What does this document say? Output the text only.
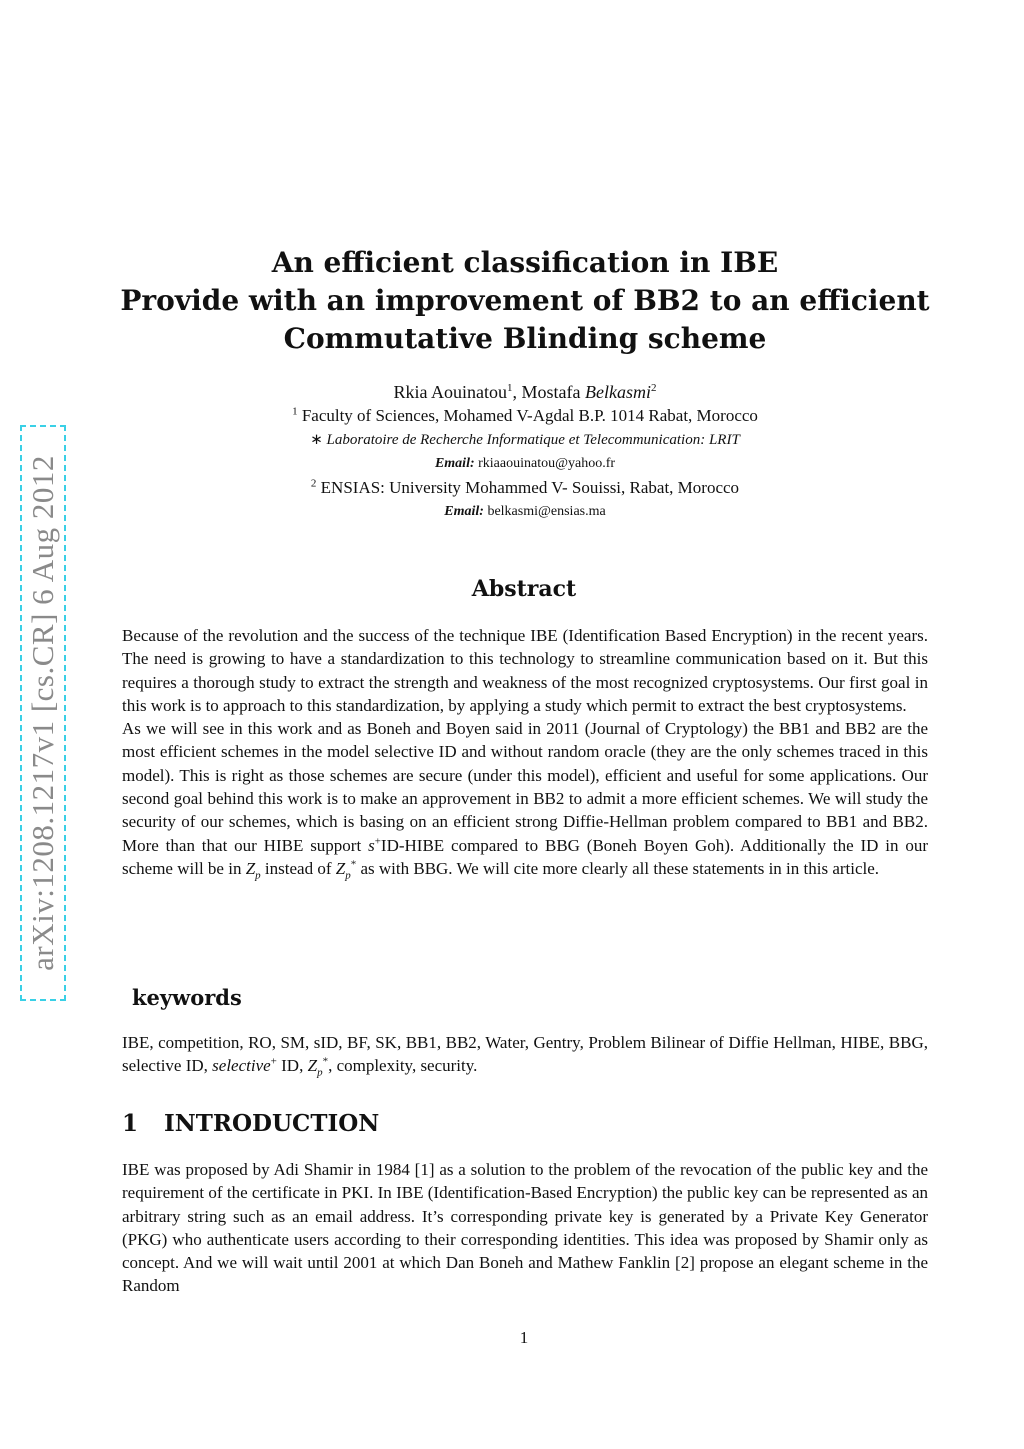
An efficient classification in IBE
Provide with an improvement of BB2 to an efficient
Commutative Blinding scheme
Rkia Aouinatou$^1$, Mostafa Belkasmi$^2$
$^1$ Faculty of Sciences, Mohamed V-Agdal B.P. 1014 Rabat, Morocco
∗ Laboratoire de Recherche Informatique et Telecommunication: LRIT
Email: rkiaaouinatou@yahoo.fr
$^2$ ENSIAS: University Mohammed V- Souissi, Rabat, Morocco
Email: belkasmi@ensias.ma
Abstract

Because of the revolution and the success of the technique IBE (Identification Based Encryption) in the recent years. The need is growing to have a standardization to this technology to streamline communication based on it. But this requires a thorough study to extract the strength and weakness of the most recognized cryptosystems. Our first goal in this work is to approach to this standardization, by applying a study which permit to extract the best cryptosystems.

As we will see in this work and as Boneh and Boyen said in 2011 (Journal of Cryptology) the BB1 and BB2 are the most efficient schemes in the model selective ID and without random oracle (they are the only schemes traced in this model). This is right as those schemes are secure (under this model), efficient and useful for some applications. Our second goal behind this work is to make an approvement in BB2 to admit a more efficient schemes. We will study the security of our schemes, which is basing on an efficient strong Diffie-Hellman problem compared to BB1 and BB2. More than that our HIBE support s+ID-HIBE compared to BBG (Boneh Boyen Goh). Additionally the ID in our scheme will be in $Z_p$ instead of $Z_p^*$ as with BBG. We will cite more clearly all these statements in in this article.

keywords
IBE, competition, RO, SM, sID, BF, SK, BB1, BB2, Water, Gentry, Problem Bilinear of Diffie Hellman, HIBE, BBG, selective ID, selective+ ID, $Z_p^*$, complexity, security.
1 INTRODUCTION
IBE was proposed by Adi Shamir in 1984 [1] as a solution to the problem of the revocation of the public key and the requirement of the certificate in PKI. In IBE (Identification-Based Encryption) the public key can be represented as an arbitrary string such as an email address. It’s corresponding private key is generated by a Private Key Generator (PKG) who authenticate users according to their corresponding identities. This idea was proposed by Shamir only as concept. And we will wait until 2001 at which Dan Boneh and Mathew Fanklin [2] propose an elegant scheme in the Random
1
arXiv:1208.1217v1 [cs.CR] 6 Aug 2012
